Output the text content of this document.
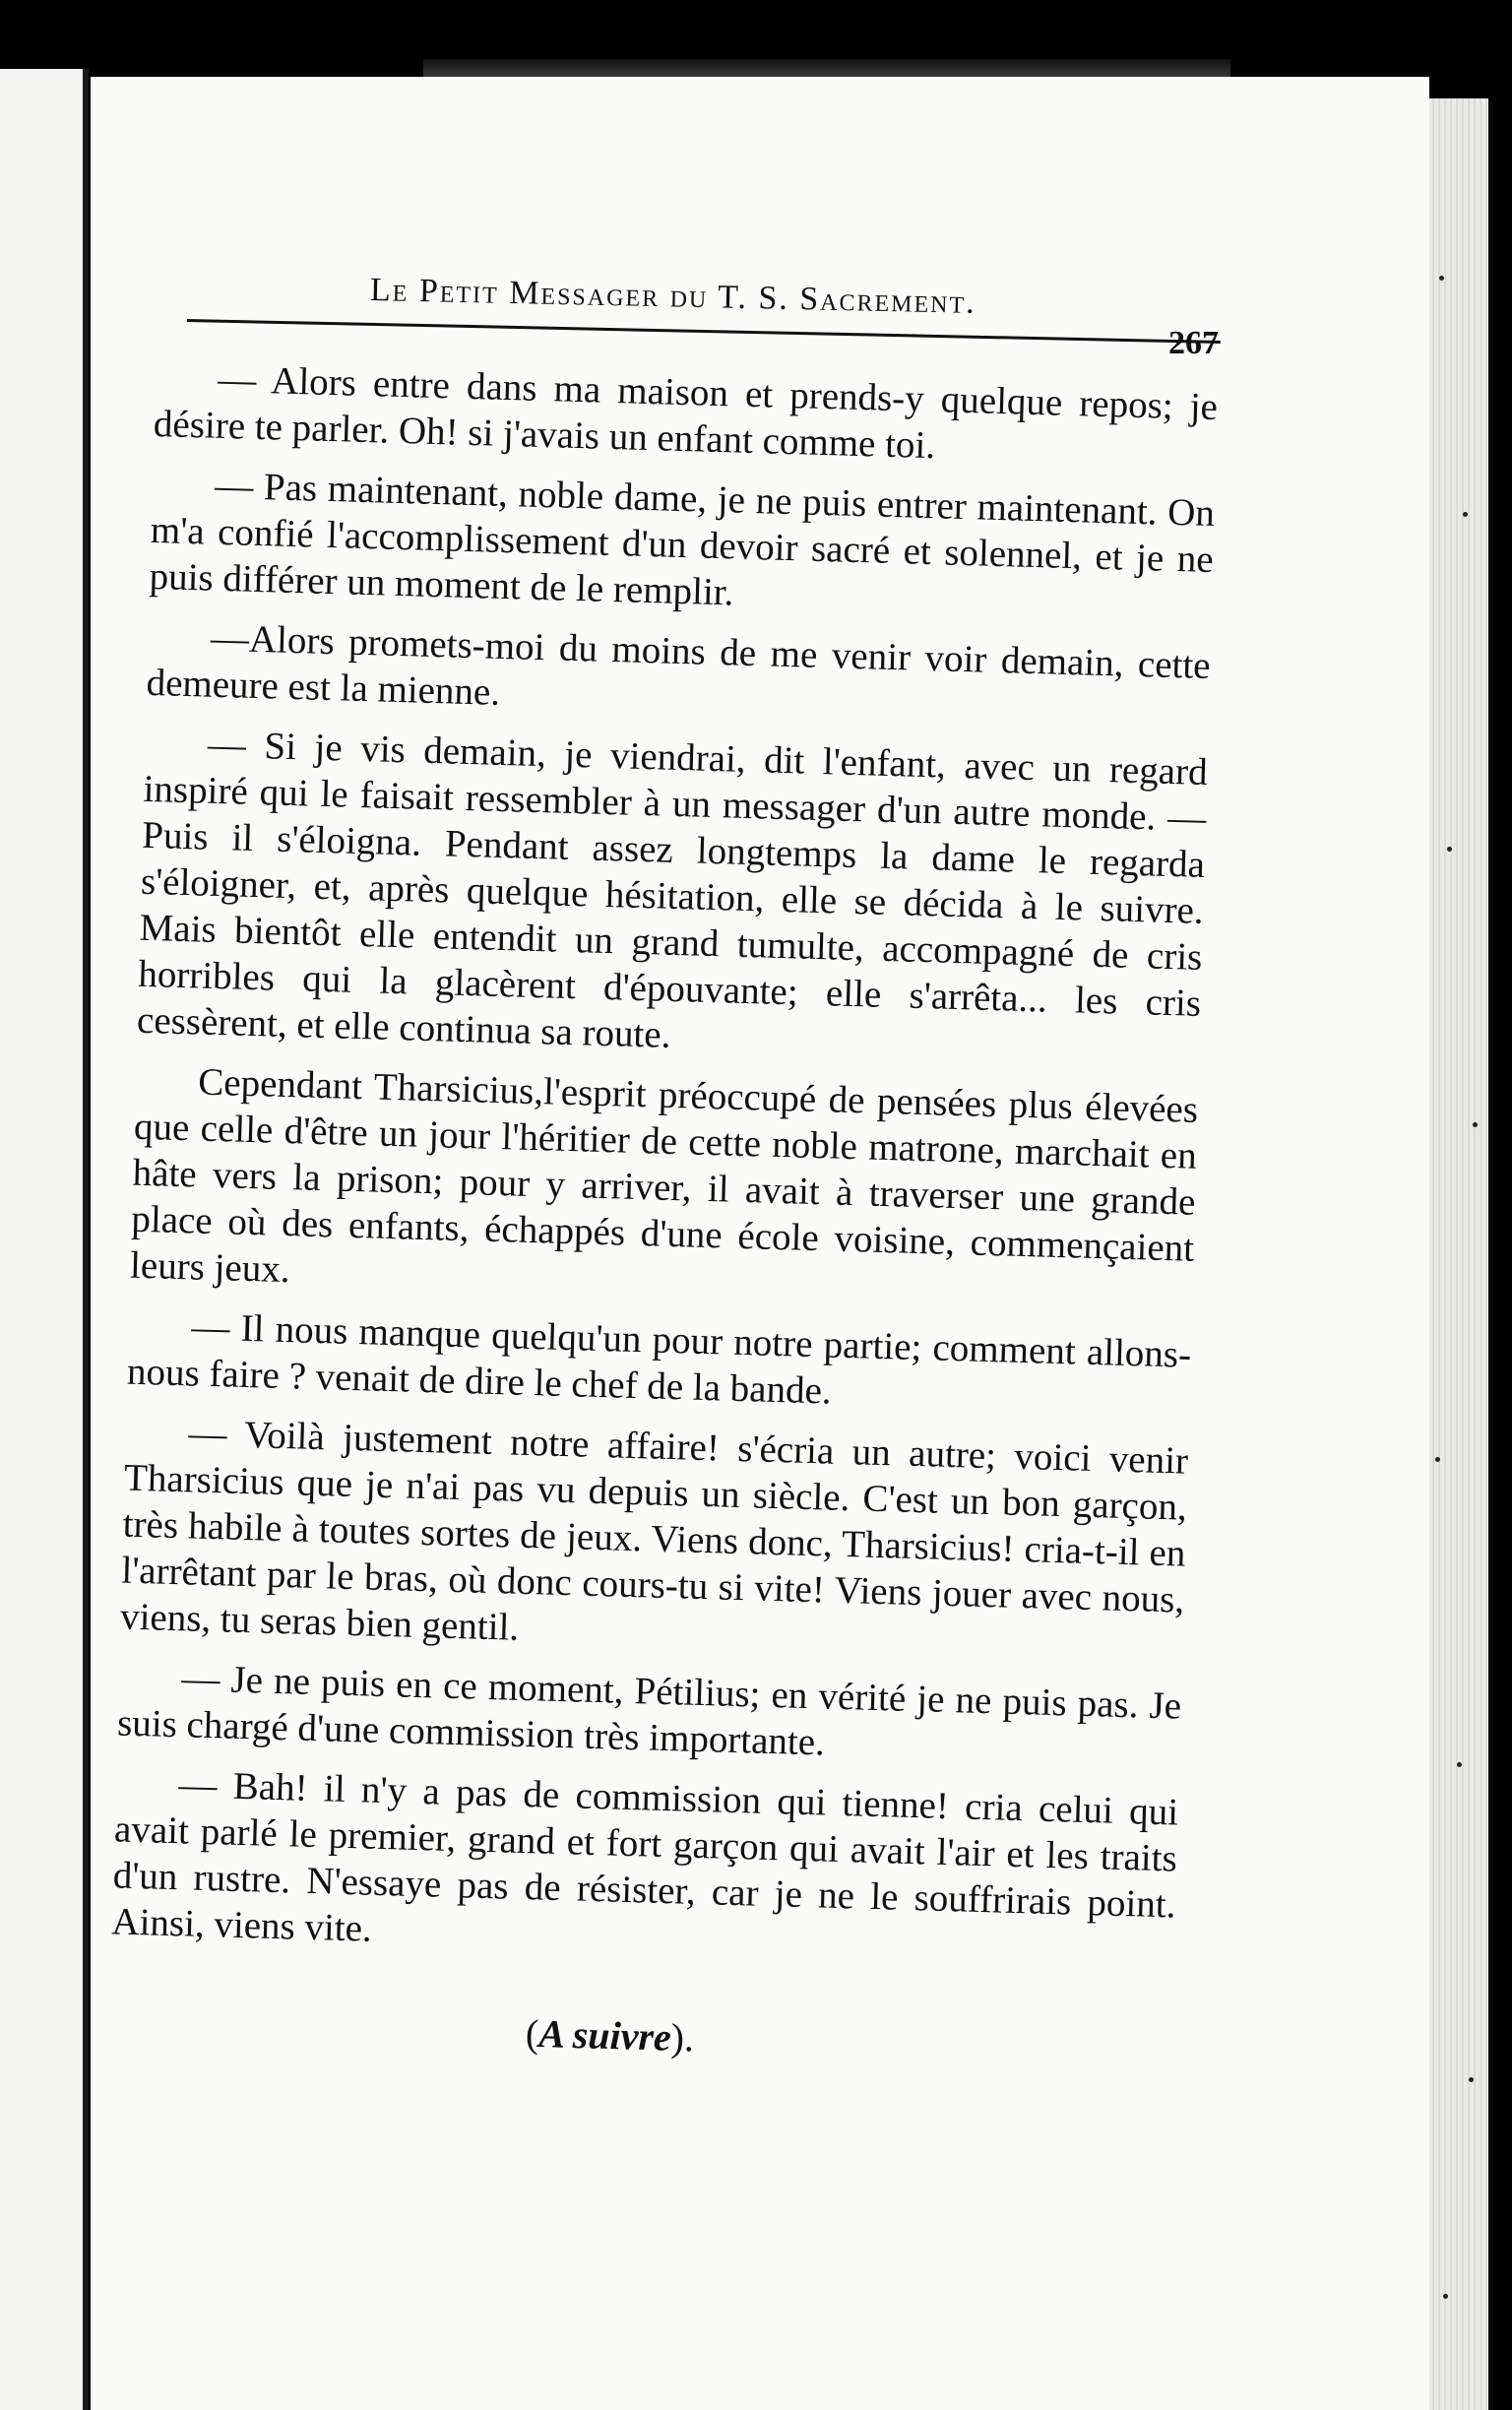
Le Petit Messager du T. S. Sacrement.
267

— Alors entre dans ma maison et prends-y quelque repos; je désire te parler. Oh! si j'avais un enfant comme toi.

— Pas maintenant, noble dame, je ne puis entrer maintenant. On m'a confié l'accomplissement d'un devoir sacré et solennel, et je ne puis différer un moment de le remplir.

—Alors promets-moi du moins de me venir voir demain, cette demeure est la mienne.

— Si je vis demain, je viendrai, dit l'enfant, avec un regard inspiré qui le faisait ressembler à un messager d'un autre monde. — Puis il s'éloigna. Pendant assez longtemps la dame le regarda s'éloigner, et, après quelque hésitation, elle se décida à le suivre. Mais bientôt elle entendit un grand tumulte, accompagné de cris horribles qui la glacèrent d'épouvante; elle s'arrêta... les cris cessèrent, et elle continua sa route.

Cependant Tharsicius,l'esprit préoccupé de pensées plus élevées que celle d'être un jour l'héritier de cette noble matrone, marchait en hâte vers la prison; pour y arriver, il avait à traverser une grande place où des enfants, échappés d'une école voisine, commençaient leurs jeux.

— Il nous manque quelqu'un pour notre partie; comment allons-nous faire ? venait de dire le chef de la bande.

— Voilà justement notre affaire! s'écria un autre; voici venir Tharsicius que je n'ai pas vu depuis un siècle. C'est un bon garçon, très habile à toutes sortes de jeux. Viens donc, Tharsicius! cria-t-il en l'arrêtant par le bras, où donc cours-tu si vite! Viens jouer avec nous, viens, tu seras bien gentil.

— Je ne puis en ce moment, Pétilius; en vérité je ne puis pas. Je suis chargé d'une commission très importante.

— Bah! il n'y a pas de commission qui tienne! cria celui qui avait parlé le premier, grand et fort garçon qui avait l'air et les traits d'un rustre. N'essaye pas de résister, car je ne le souffrirais point. Ainsi, viens vite.

(A suivre).
